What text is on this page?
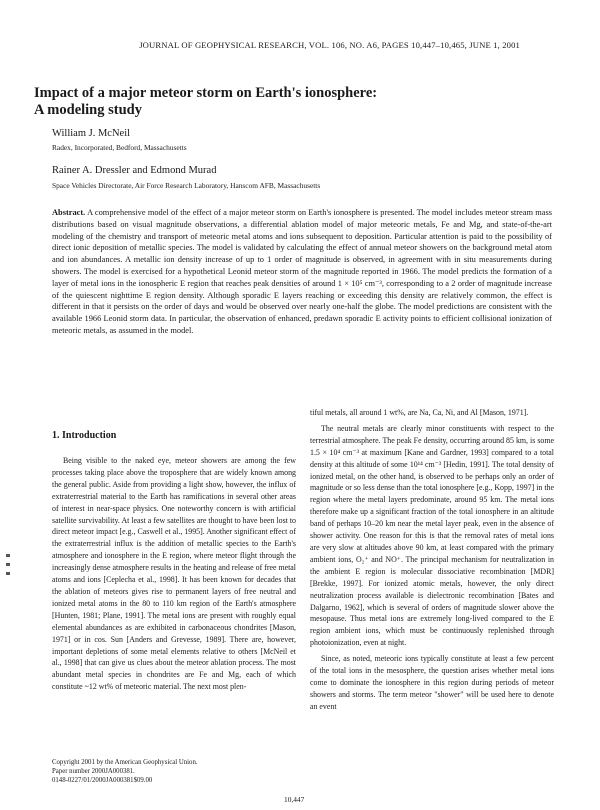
JOURNAL OF GEOPHYSICAL RESEARCH, VOL. 106, NO. A6, PAGES 10,447–10,465, JUNE 1, 2001
Impact of a major meteor storm on Earth's ionosphere:
A modeling study
William J. McNeil
Radex, Incorporated, Bedford, Massachusetts
Rainer A. Dressler and Edmond Murad
Space Vehicles Directorate, Air Force Research Laboratory, Hanscom AFB, Massachusetts
Abstract. A comprehensive model of the effect of a major meteor storm on Earth's ionosphere is presented. The model includes meteor stream mass distributions based on visual magnitude observations, a differential ablation model of major meteoric metals, Fe and Mg, and state-of-the-art modeling of the chemistry and transport of meteoric metal atoms and ions subsequent to deposition. Particular attention is paid to the possibility of direct ionic deposition of metallic species. The model is validated by calculating the effect of annual meteor showers on the background metal atom and ion abundances. A metallic ion density increase of up to 1 order of magnitude is observed, in agreement with in situ measurements during showers. The model is exercised for a hypothetical Leonid meteor storm of the magnitude reported in 1966. The model predicts the formation of a layer of metal ions in the ionospheric E region that reaches peak densities of around 1 × 10⁵ cm⁻³, corresponding to a 2 order of magnitude increase of the quiescent nighttime E region density. Although sporadic E layers reaching or exceeding this density are relatively common, the effect is different in that it persists on the order of days and would be observed over nearly one-half the globe. The model predictions are consistent with the available 1966 Leonid storm data. In particular, the observation of enhanced, predawn sporadic E activity points to efficient collisional ionization of meteoric metals, as assumed in the model.
1. Introduction

Being visible to the naked eye, meteor showers are among the few processes taking place above the troposphere that are widely known among the general public. Aside from providing a light show, however, the influx of extraterrestrial material to the Earth has ramifications in several other areas of interest in near-space physics. One noteworthy concern is with artificial satellite survivability. At least a few satellites are thought to have been lost to direct meteor impact [e.g., Caswell et al., 1995]. Another significant effect of the extraterrestrial influx is the addition of metallic species to the Earth's atmosphere and ionosphere in the E region, where meteor flight through the increasingly dense atmosphere results in the heating and release of free metal atoms and ions [Ceplecha et al., 1998]. It has been known for decades that the ablation of meteors gives rise to permanent layers of free neutral and ionized metal atoms in the 80 to 110 km region of the Earth's atmosphere [Hunten, 1981; Plane, 1991]. The metal ions are present with roughly equal elemental abundances as are exhibited in carbonaceous chondrites [Mason, 1971] or in cos. Sun [Anders and Grevesse, 1989]. There are, however, important depletions of some metal elements relative to others [McNeil et al., 1998] that can give us clues about the meteor ablation process. The most abundant metal species in chondrites are Fe and Mg, each of which constitute ~12 wt% of meteoric material. The next most plen-

tiful metals, all around 1 wt%, are Na, Ca, Ni, and Al [Mason, 1971].

The neutral metals are clearly minor constituents with respect to the terrestrial atmosphere. The peak Fe density, occurring around 85 km, is some 1.5 × 10⁴ cm⁻³ at maximum [Kane and Gardner, 1993] compared to a total density at this altitude of some 10¹⁴ cm⁻³ [Hedin, 1991]. The total density of ionized metal, on the other hand, is observed to be perhaps only an order of magnitude or so less dense than the total ionosphere [e.g., Kopp, 1997] in the region where the metal layers predominate, around 95 km. The metal ions therefore make up a significant fraction of the total ionosphere in an altitude band of perhaps 10–20 km near the metal layer peak, even in the absence of shower activity. One reason for this is that the removal rates of metal ions are very slow at altitudes above 90 km, at least compared with the primary ambient ions, O₂⁺ and NO⁺. The principal mechanism for neutralization in the ambient E region is molecular dissociative recombination [MDR] [Brekke, 1997]. For ionized atomic metals, however, the only direct neutralization process available is dielectronic recombination [Bates and Dalgarno, 1962], which is several of orders of magnitude slower above the mesopause. Thus metal ions are extremely long-lived compared to the E region ambient ions, which must be continuously replenished through photoionization, even at night.

Since, as noted, meteoric ions typically constitute at least a few percent of the total ions in the mesosphere, the question arises whether metal ions come to dominate the ionosphere in this region during periods of meteor showers and storms. The term meteor "shower" will be used here to denote an event

Copyright 2001 by the American Geophysical Union.
Paper number 2000JA000381.
0148-0227/01/2000JA000381$09.00
10,447
